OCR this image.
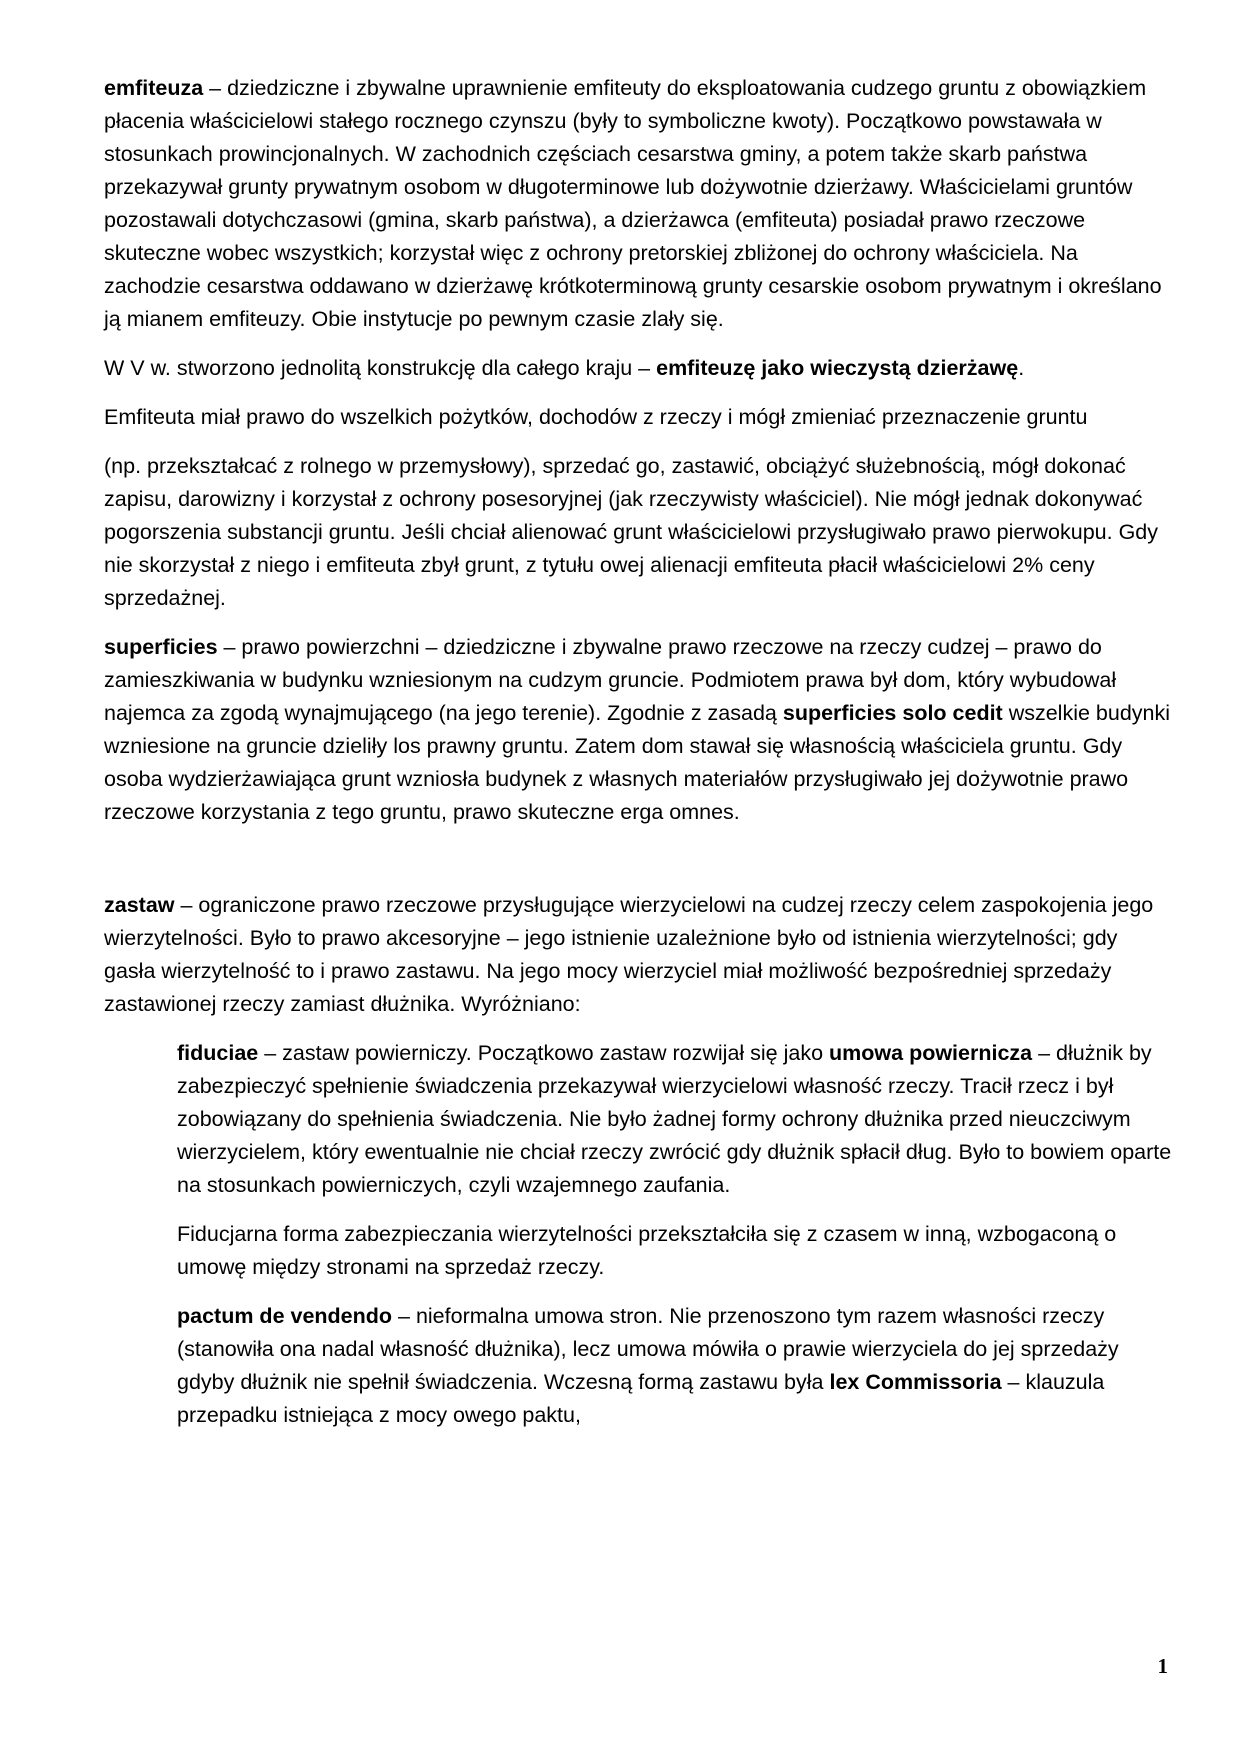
emfiteuza – dziedziczne i zbywalne uprawnienie emfiteuty do eksploatowania cudzego gruntu z obowiązkiem płacenia właścicielowi stałego rocznego czynszu (były to symboliczne kwoty). Początkowo powstawała w stosunkach prowincjonalnych. W zachodnich częściach cesarstwa gminy, a potem także skarb państwa przekazywał grunty prywatnym osobom w długoterminowe lub dożywotnie dzierżawy. Właścicielami gruntów pozostawali dotychczasowi (gmina, skarb państwa), a dzierżawca (emfiteuta) posiadał prawo rzeczowe skuteczne wobec wszystkich; korzystał więc z ochrony pretorskiej zbliżonej do ochrony właściciela. Na zachodzie cesarstwa oddawano w dzierżawę krótkoterminową grunty cesarskie osobom prywatnym i określano ją mianem emfiteuzy. Obie instytucje po pewnym czasie zlały się.

W V w. stworzono jednolitą konstrukcję dla całego kraju – emfiteuzę jako wieczystą dzierżawę.

Emfiteuta miał prawo do wszelkich pożytków, dochodów z rzeczy i mógł zmieniać przeznaczenie gruntu

(np. przekształcać z rolnego w przemysłowy), sprzedać go, zastawić, obciążyć służebnością, mógł dokonać zapisu, darowizny i korzystał z ochrony posesoryjnej (jak rzeczywisty właściciel). Nie mógł jednak dokonywać pogorszenia substancji gruntu. Jeśli chciał alienować grunt właścicielowi przysługiwało prawo pierwokupu. Gdy nie skorzystał z niego i emfiteuta zbył grunt, z tytułu owej alienacji emfiteuta płacił właścicielowi 2% ceny sprzedażnej.

superficies – prawo powierzchni – dziedziczne i zbywalne prawo rzeczowe na rzeczy cudzej – prawo do zamieszkiwania w budynku wzniesionym na cudzym gruncie. Podmiotem prawa był dom, który wybudował najemca za zgodą wynajmującego (na jego terenie). Zgodnie z zasadą superficies solo cedit wszelkie budynki wzniesione na gruncie dzieliły los prawny gruntu. Zatem dom stawał się własnością właściciela gruntu. Gdy osoba wydzierżawiająca grunt wzniosła budynek z własnych materiałów przysługiwało jej dożywotnie prawo rzeczowe korzystania z tego gruntu, prawo skuteczne erga omnes.

zastaw – ograniczone prawo rzeczowe przysługujące wierzycielowi na cudzej rzeczy celem zaspokojenia jego wierzytelności. Było to prawo akcesoryjne – jego istnienie uzależnione było od istnienia wierzytelności; gdy gasła wierzytelność to i prawo zastawu. Na jego mocy wierzyciel miał możliwość bezpośredniej sprzedaży zastawionej rzeczy zamiast dłużnika. Wyróżniano:

fiduciae – zastaw powierniczy. Początkowo zastaw rozwijał się jako umowa powiernicza – dłużnik by zabezpieczyć spełnienie świadczenia przekazywał wierzycielowi własność rzeczy. Tracił rzecz i był zobowiązany do spełnienia świadczenia. Nie było żadnej formy ochrony dłużnika przed nieuczciwym wierzycielem, który ewentualnie nie chciał rzeczy zwrócić gdy dłużnik spłacił dług. Było to bowiem oparte na stosunkach powierniczych, czyli wzajemnego zaufania.

Fiducjarna forma zabezpieczania wierzytelności przekształciła się z czasem w inną, wzbogaconą o umowę między stronami na sprzedaż rzeczy.

pactum de vendendo – nieformalna umowa stron. Nie przenoszono tym razem własności rzeczy (stanowiła ona nadal własność dłużnika), lecz umowa mówiła o prawie wierzyciela do jej sprzedaży gdyby dłużnik nie spełnił świadczenia. Wczesną formą zastawu była lex Commissoria – klauzula przepadku istniejąca z mocy owego paktu,

1
